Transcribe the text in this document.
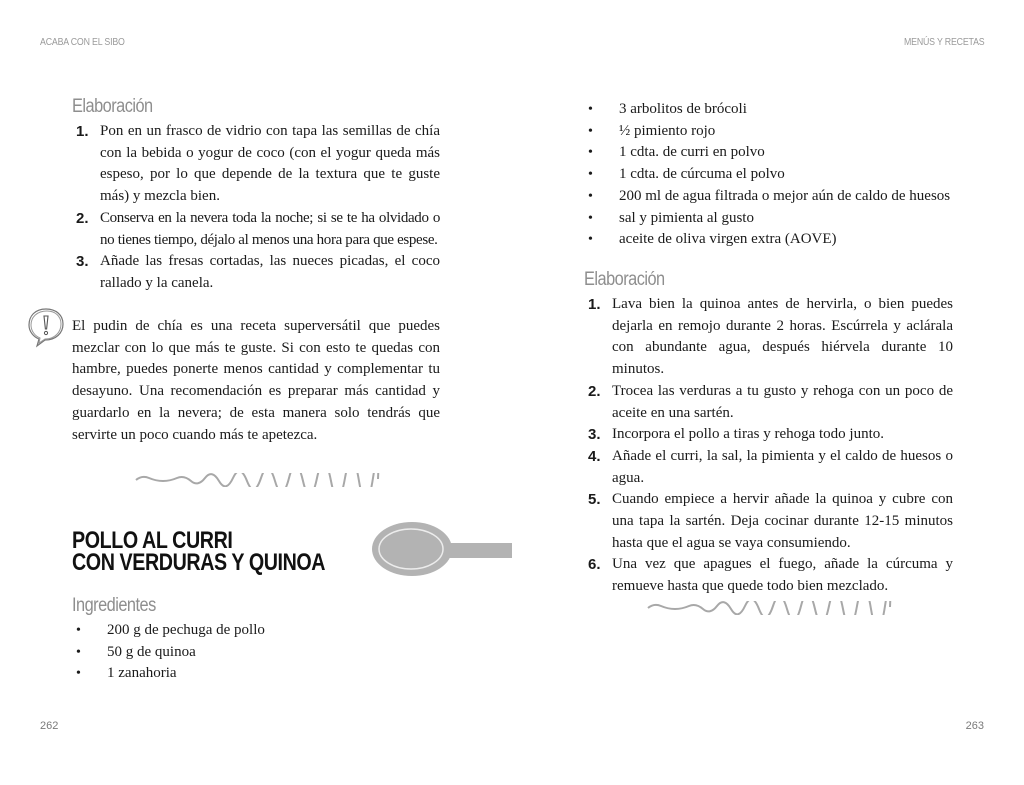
ACABA CON EL SIBO
Elaboración
1. Pon en un frasco de vidrio con tapa las semillas de chía con la bebida o yogur de coco (con el yogur queda más espeso, por lo que depende de la textura que te guste más) y mezcla bien.
2. Conserva en la nevera toda la noche; si se te ha olvidado o no tienes tiempo, déjalo al menos una hora para que espese.
3. Añade las fresas cortadas, las nueces picadas, el coco rallado y la canela.

El pudin de chía es una receta superversátil que puedes mezclar con lo que más te guste. Si con esto te quedas con hambre, puedes ponerte menos cantidad y complementar tu desayuno. Una recomendación es preparar más cantidad y guardarlo en la nevera; de esta manera solo tendrás que servirte un poco cuando más te apetezca.

POLLO AL CURRI
CON VERDURAS Y QUINOA
Ingredientes
• 200 g de pechuga de pollo
• 50 g de quinoa
• 1 zanahoria
262
MENÚS Y RECETAS
• 3 arbolitos de brócoli
• ½ pimiento rojo
• 1 cdta. de curri en polvo
• 1 cdta. de cúrcuma el polvo
• 200 ml de agua filtrada o mejor aún de caldo de huesos
• sal y pimienta al gusto
• aceite de oliva virgen extra (AOVE)
Elaboración
1. Lava bien la quinoa antes de hervirla, o bien puedes dejarla en remojo durante 2 horas. Escúrrela y aclárala con abundante agua, después hiérvela durante 10 minutos.
2. Trocea las verduras a tu gusto y rehoga con un poco de aceite en una sartén.
3. Incorpora el pollo a tiras y rehoga todo junto.
4. Añade el curri, la sal, la pimienta y el caldo de huesos o agua.
5. Cuando empiece a hervir añade la quinoa y cubre con una tapa la sartén. Deja cocinar durante 12-15 minutos hasta que el agua se vaya consumiendo.
6. Una vez que apagues el fuego, añade la cúrcuma y remueve hasta que quede todo bien mezclado.
263
